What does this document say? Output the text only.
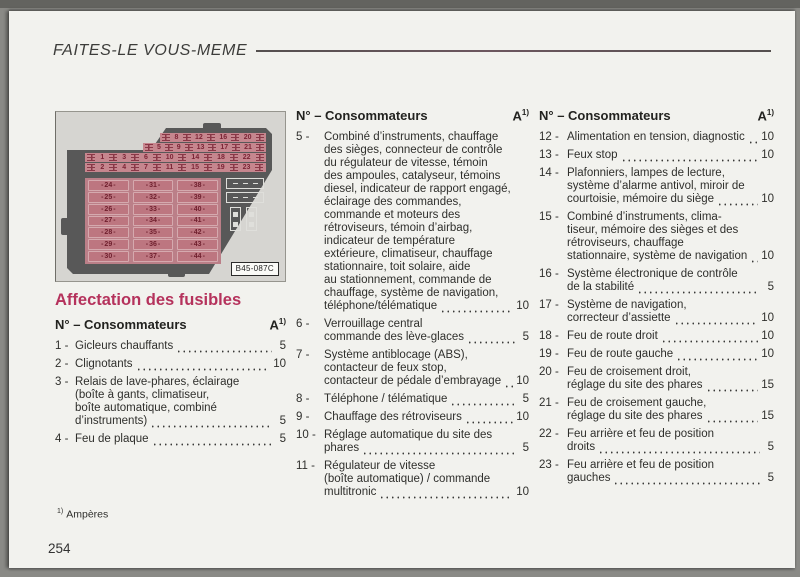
FAITES-LE VOUS-MEME
8 12 16 20
5 9 13 17 21
1	3	6	10	14	18	22
2	4	7	11	15	19	23
- 24 -
- 25 -
- 26 -
- 27 -
- 28 -
- 29 -
- 30 -
- 31 -
- 32 -
- 33 -
- 34 -
- 35 -
- 36 -
- 37 -
- 38 -
- 39 -
- 40 -
- 41 -
- 42 -
- 43 -
- 44 -
B45-087C
Affectation des fusibles
N° – Consommateurs	$A^{1)}$
1 - Gicleurs chauffants	5
2 - Clignotants	10
3 - Relais de lave-phares, éclairage
(boîte à gants, climatiseur,
boîte automatique, combiné
d’instruments)	5
4 - Feu de plaque	5
N° – Consommateurs	$A^{1)}$
5 -	Combiné d’instruments, chauffage
des sièges, connecteur de contrôle
du régulateur de vitesse, témoin
des ampoules, catalyseur, témoins
diesel, indicateur de rapport engagé,
éclairage des commandes,
commande et moteurs des
rétroviseurs, témoin d’airbag,
indicateur de température
extérieure, climatiseur, chauffage
stationnaire, toit solaire, aide
au stationnement, commande de
chauffage, système de navigation,
téléphone/télématique	10
6 -	Verrouillage central
commande des lève-glaces	5
7 -	Système antiblocage (ABS),
contacteur de feux stop,
contacteur de pédale d’embrayage 10
8 -	Téléphone / télématique	5
9 -	Chauffage des rétroviseurs	10
10 - Réglage automatique du site des
phares	5
11 - Régulateur de vitesse
(boîte automatique) / commande
multitronic	10
N° – Consommateurs	$A^{1)}$
12 - Alimentation en tension, diagnostic 10
13 - Feux stop	10
14 - Plafonniers, lampes de lecture,
système d’alarme antivol, miroir de
courtoisie, mémoire du siège	10
15 - Combiné d’instruments, clima-
tiseur, mémoire des sièges et des
rétroviseurs, chauffage
stationnaire, système de navigation 10
16 - Système électronique de contrôle
de la stabilité	5
17 - Système de navigation,
correcteur d’assiette	10
18 - Feu de route droit	10
19 - Feu de route gauche	10
20 - Feu de croisement droit,
réglage du site des phares	15
21 - Feu de croisement gauche,
réglage du site des phares	15
22 - Feu arrière et feu de position
droits	5
23 - Feu arrière et feu de position
gauches	5
$^{1)}$ Ampères
254
